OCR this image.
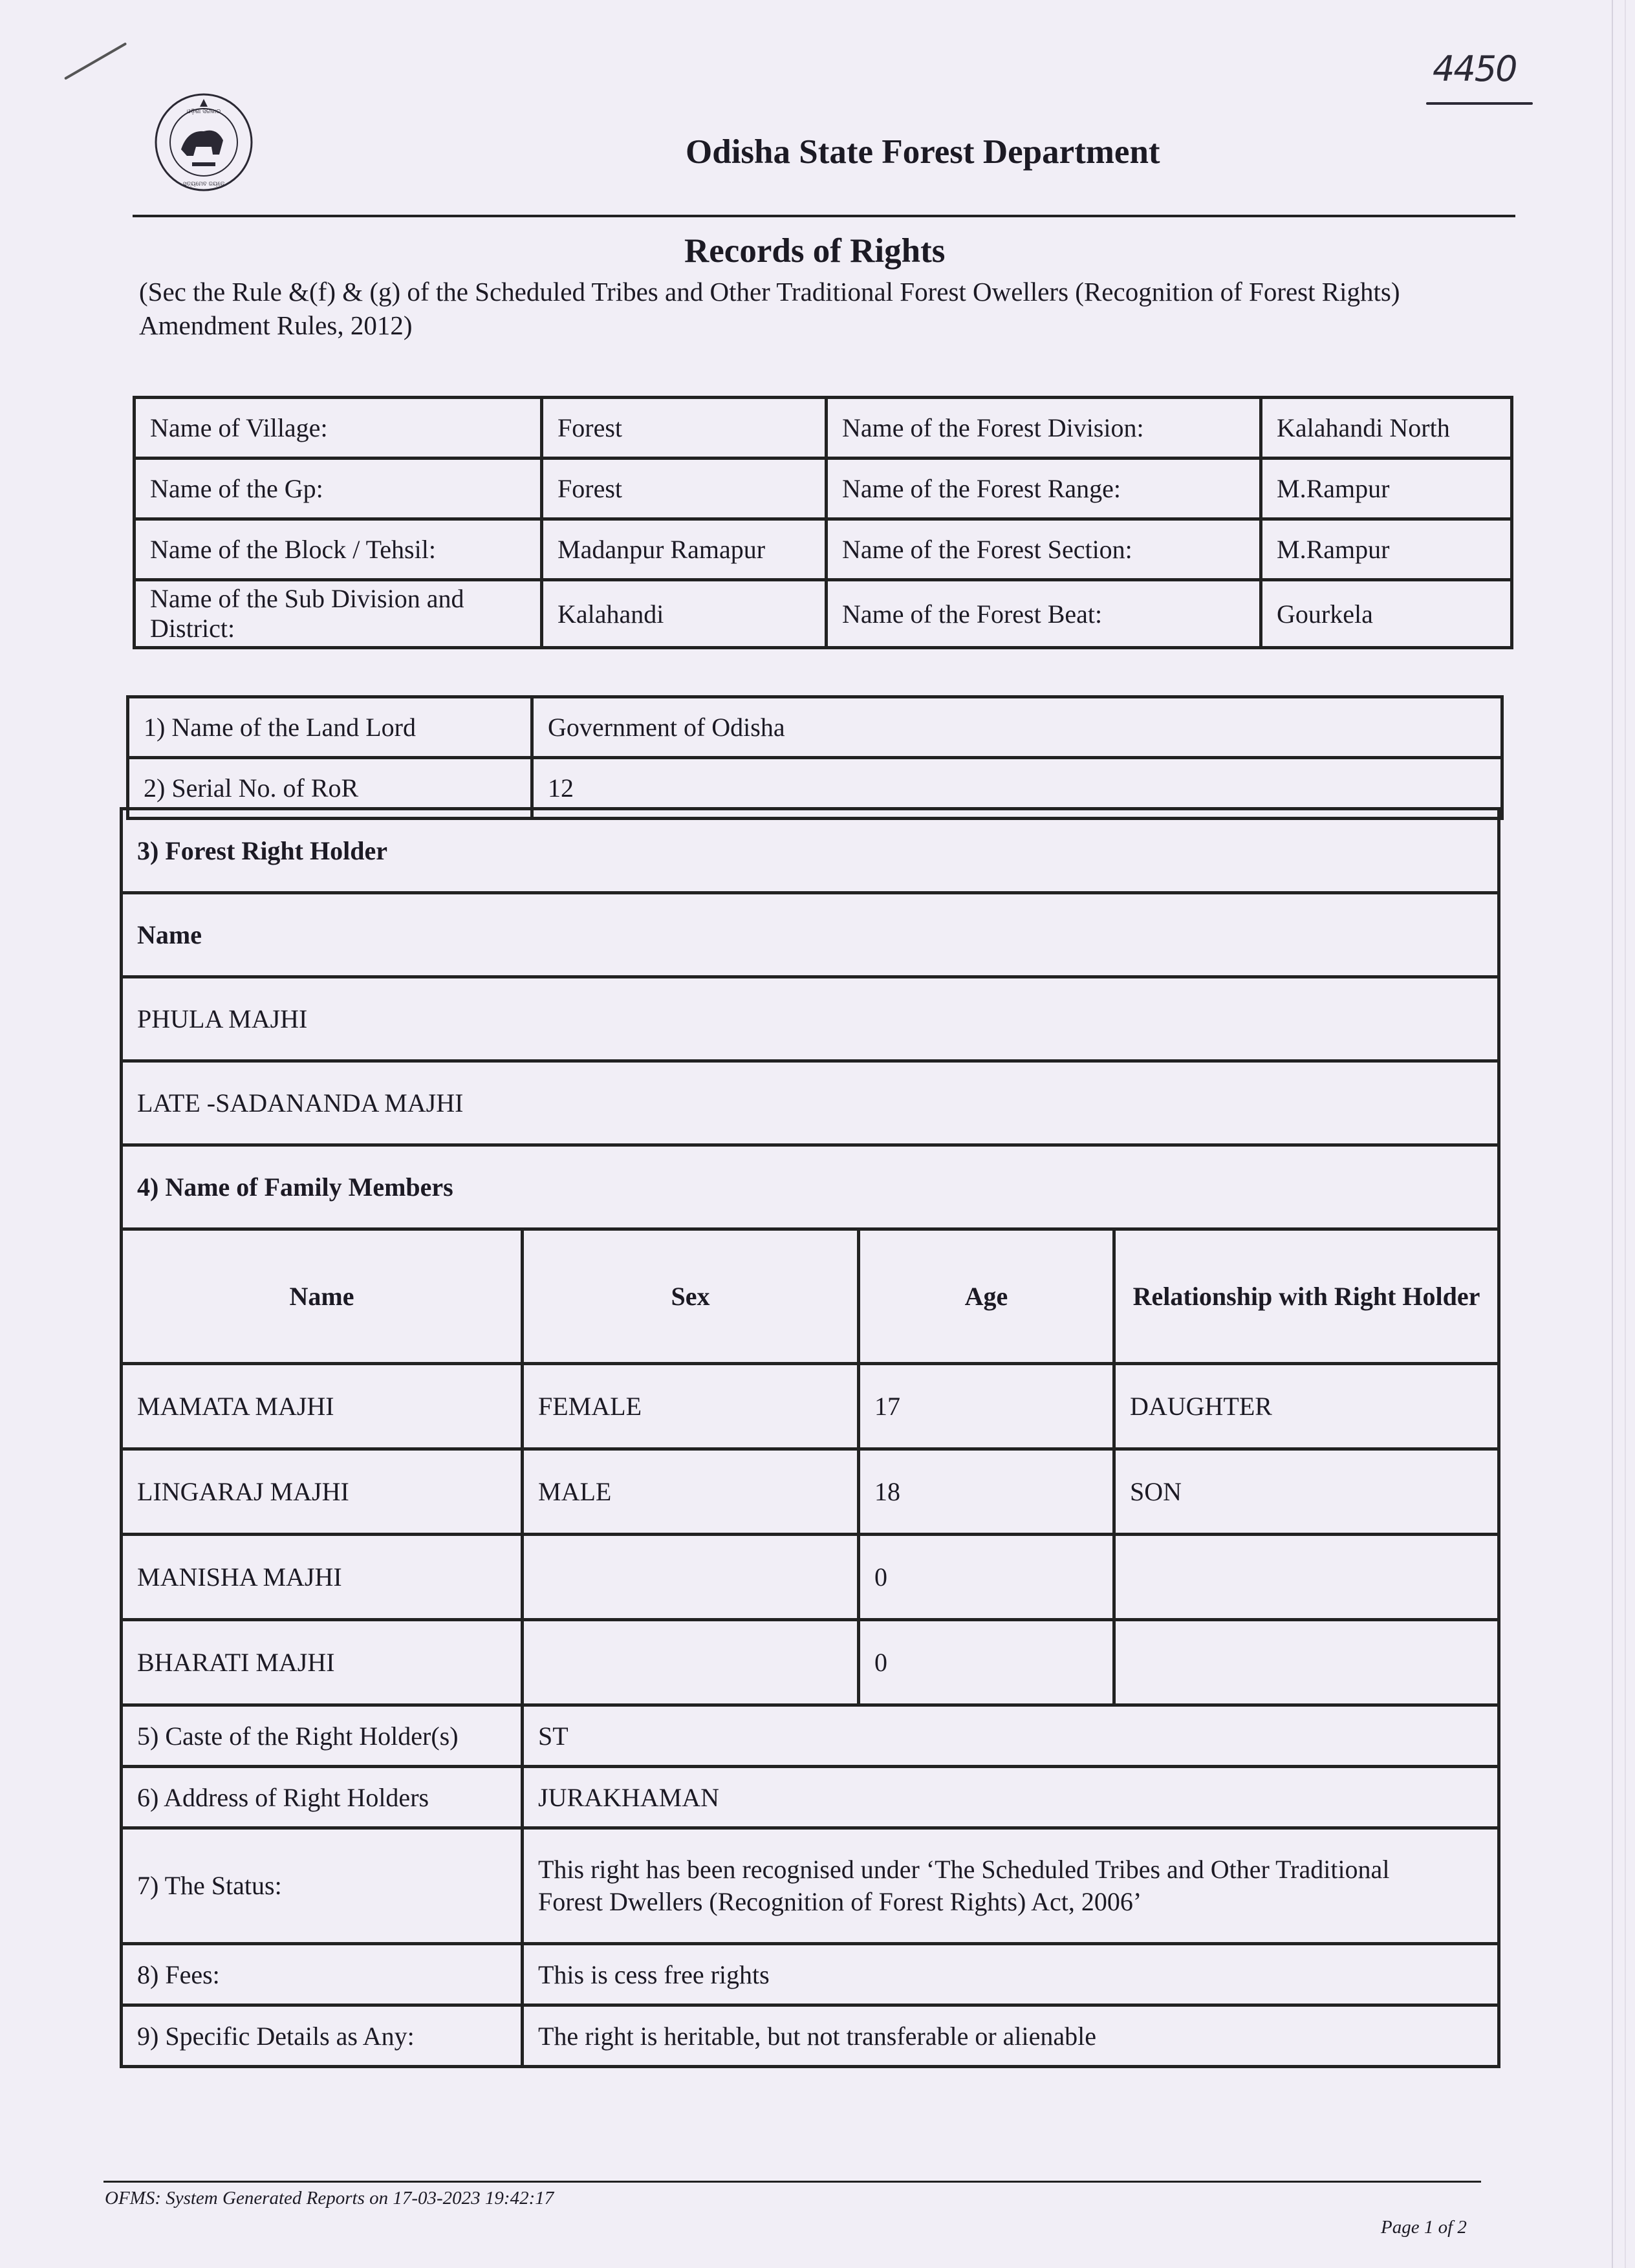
4450
ଓଡ଼ିଶା ସରକାର
ସତ୍ୟମେବ ଜୟତେ
Odisha State Forest Department
Records of Rights
(Sec the Rule &(f) & (g) of the Scheduled Tribes and Other Traditional Forest Owellers (Recognition of Forest Rights) Amendment Rules, 2012)
Name of Village:	Forest	Name of the Forest Division:	Kalahandi North
Name of the Gp:	Forest	Name of the Forest Range:	M.Rampur
Name of the Block / Tehsil:	Madanpur Ramapur	Name of the Forest Section:	M.Rampur
Name of the Sub Division and District:	Kalahandi	Name of the Forest Beat:	Gourkela
1) Name of the Land Lord	Government of Odisha
2) Serial No. of RoR	12
3) Forest Right Holder			
Name			
PHULA MAJHI			
LATE -SADANANDA MAJHI			
4) Name of Family Members			
Name	Sex	Age	Relationship with Right Holder
MAMATA MAJHI	FEMALE	17	DAUGHTER
LINGARAJ MAJHI	MALE	18	SON
MANISHA MAJHI		0	
BHARATI MAJHI		0	
5) Caste of the Right Holder(s)	ST		
6) Address of Right Holders	JURAKHAMAN		
7) The Status:	This right has been recognised under ‘The Scheduled Tribes and Other Traditional
Forest Dwellers (Recognition of Forest Rights) Act, 2006’		

8) Fees:	This is cess free rights		
9) Specific Details as Any:	The right is heritable, but not transferable or alienable		
OFMS: System Generated Reports on 17-03-2023 19:42:17
Page 1 of 2
